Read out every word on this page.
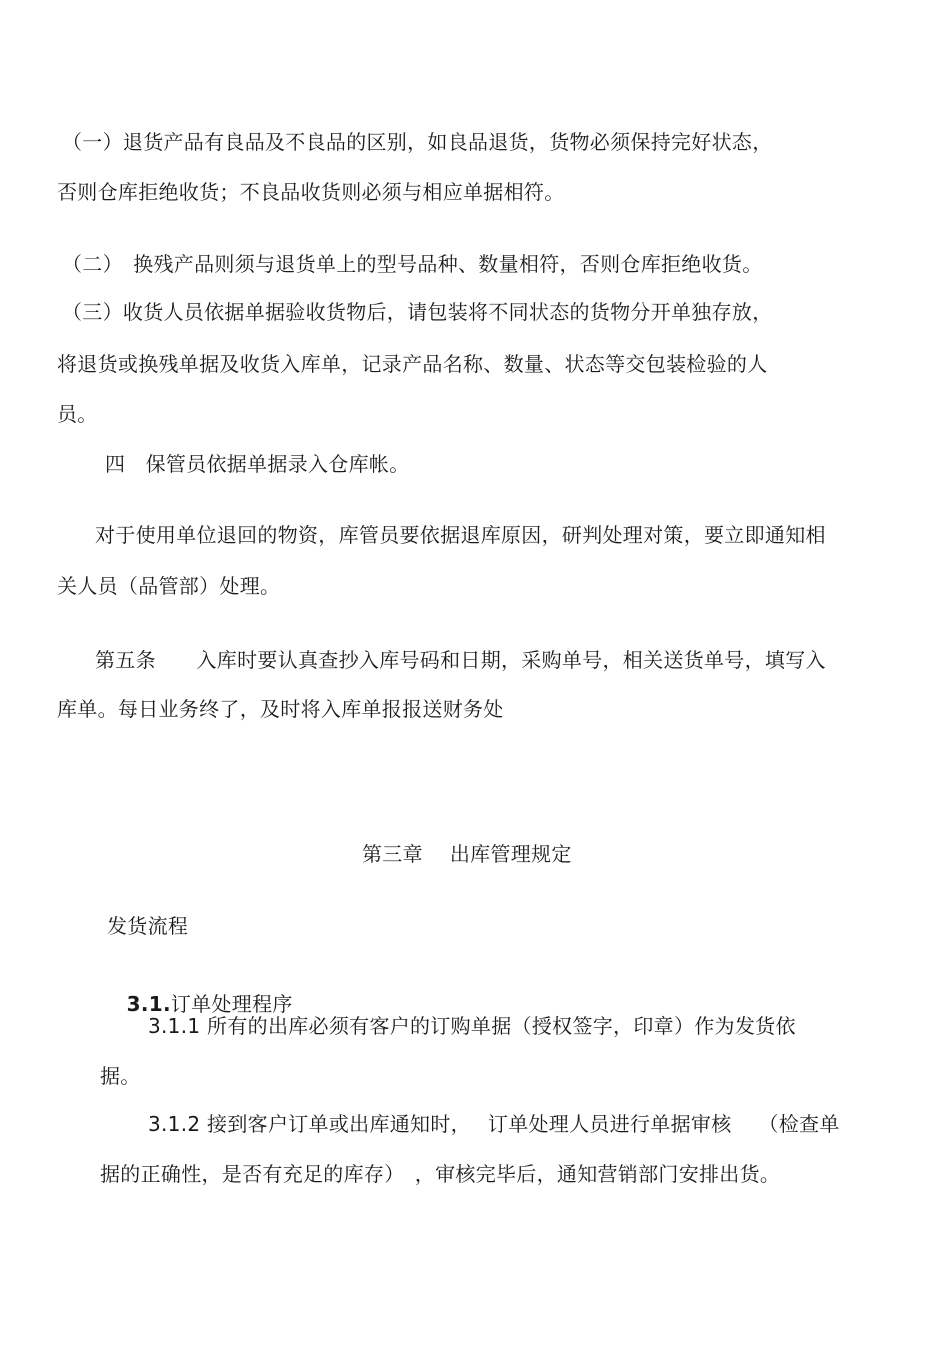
（一）退货产品有良品及不良品的区别，如良品退货，货物必须保持完好状态，
否则仓库拒绝收货；不良品收货则必须与相应单据相符。
（二）　换残产品则须与退货单上的型号品种、数量相符，否则仓库拒绝收货。
（三）收货人员依据单据验收货物后，请包装将不同状态的货物分开单独存放，
将退货或换残单据及收货入库单，记录产品名称、数量、状态等交包装检验的人
员。
四　保管员依据单据录入仓库帐。
对于使用单位退回的物资，库管员要依据退库原因，研判处理对策，要立即通知相
关人员（品管部）处理。
第五条　　入库时要认真查抄入库号码和日期，采购单号，相关送货单号，填写入
库单。每日业务终了，及时将入库单报报送财务处
第三章　 出库管理规定
发货流程

3.1.订单处理程序

3.1.1 所有的出库必须有客户的订购单据（授权签字，印章）作为发货依
据。
3.1.2 接到客户订单或出库通知时，　 订单处理人员进行单据审核　 （检查单
据的正确性，是否有充足的库存）　，审核完毕后，通知营销部门安排出货。
